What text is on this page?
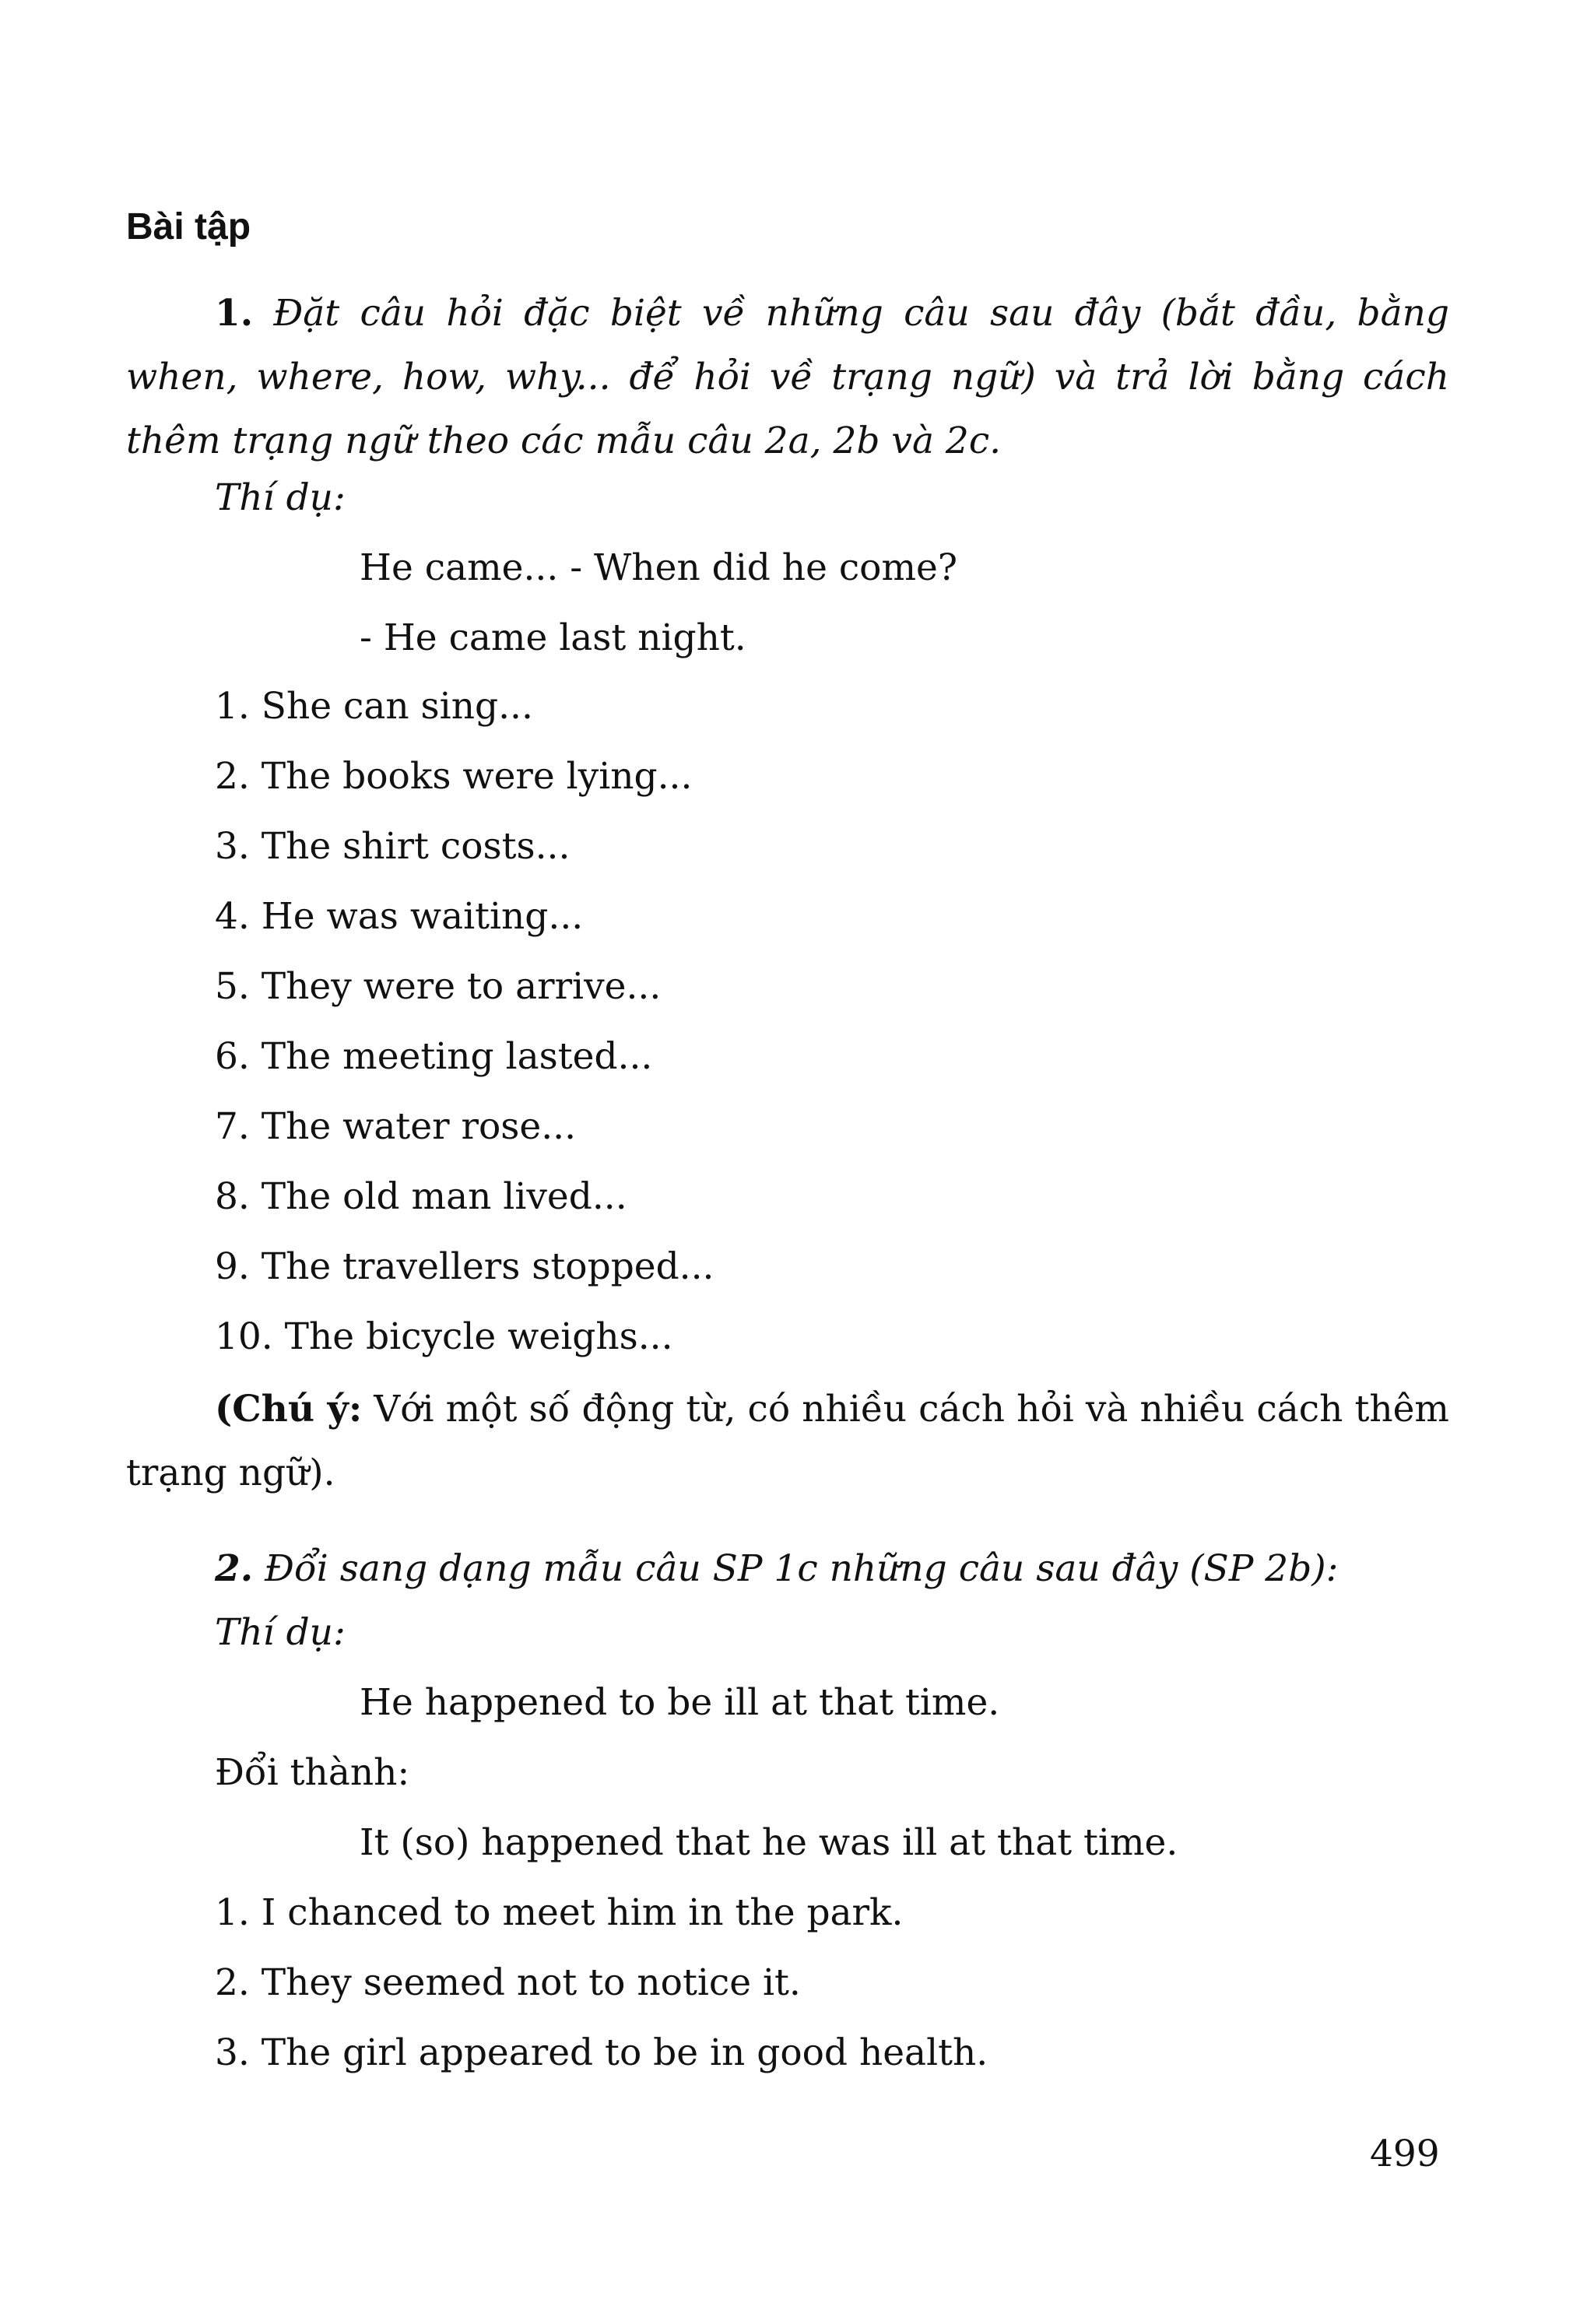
Bài tập
1. Đặt câu hỏi đặc biệt về những câu sau đây (bắt đầu, bằng when, where, how, why... để hỏi về trạng ngữ) và trả lời bằng cách thêm trạng ngữ theo các mẫu câu 2a, 2b và 2c.
Thí dụ:
He came... - When did he come?
- He came last night.
1. She can sing...
2. The books were lying...
3. The shirt costs...
4. He was waiting...
5. They were to arrive...
6. The meeting lasted...
7. The water rose...
8. The old man lived...
9. The travellers stopped...
10. The bicycle weighs...
(Chú ý: Với một số động từ, có nhiều cách hỏi và nhiều cách thêm trạng ngữ).
2. Đổi sang dạng mẫu câu SP 1c những câu sau đây (SP 2b):
Thí dụ:
He happened to be ill at that time.
Đổi thành:
It (so) happened that he was ill at that time.
1. I chanced to meet him in the park.
2. They seemed not to notice it.
3. The girl appeared to be in good health.
499
